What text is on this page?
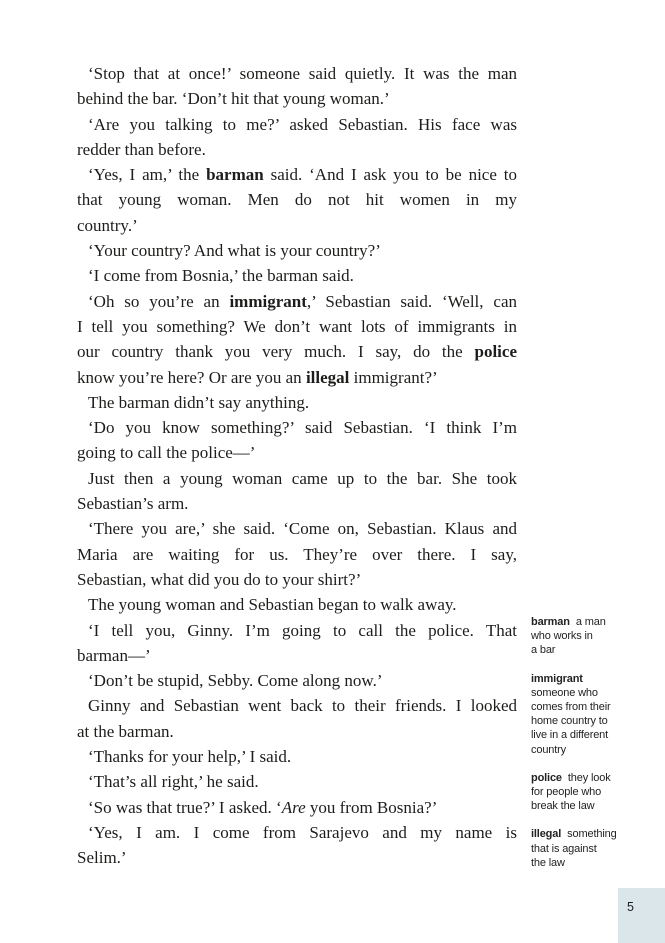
‘Stop that at once!’ someone said quietly. It was the man
behind the bar. ‘Don’t hit that young woman.’
‘Are you talking to me?’ asked Sebastian. His face was
redder than before.
‘Yes, I am,’ the barman said. ‘And I ask you to be nice to
that young woman. Men do not hit women in my
country.’
‘Your country? And what is your country?’
‘I come from Bosnia,’ the barman said.
‘Oh so you’re an immigrant,’ Sebastian said. ‘Well, can
I tell you something? We don’t want lots of immigrants in
our country thank you very much. I say, do the police
know you’re here? Or are you an illegal immigrant?’
The barman didn’t say anything.
‘Do you know something?’ said Sebastian. ‘I think I’m
going to call the police—’
Just then a young woman came up to the bar. She took
Sebastian’s arm.
‘There you are,’ she said. ‘Come on, Sebastian. Klaus and
Maria are waiting for us. They’re over there. I say,
Sebastian, what did you do to your shirt?’
The young woman and Sebastian began to walk away.
‘I tell you, Ginny. I’m going to call the police. That
barman—’
‘Don’t be stupid, Sebby. Come along now.’
Ginny and Sebastian went back to their friends. I looked
at the barman.
‘Thanks for your help,’ I said.
‘That’s all right,’ he said.
‘So was that true?’ I asked. ‘Are you from Bosnia?’
‘Yes, I am. I come from Sarajevo and my name is
Selim.’
barman a man
who works in
a bar
immigrant
someone who
comes from their
home country to
live in a different
country
police they look
for people who
break the law
illegal something
that is against
the law
5
